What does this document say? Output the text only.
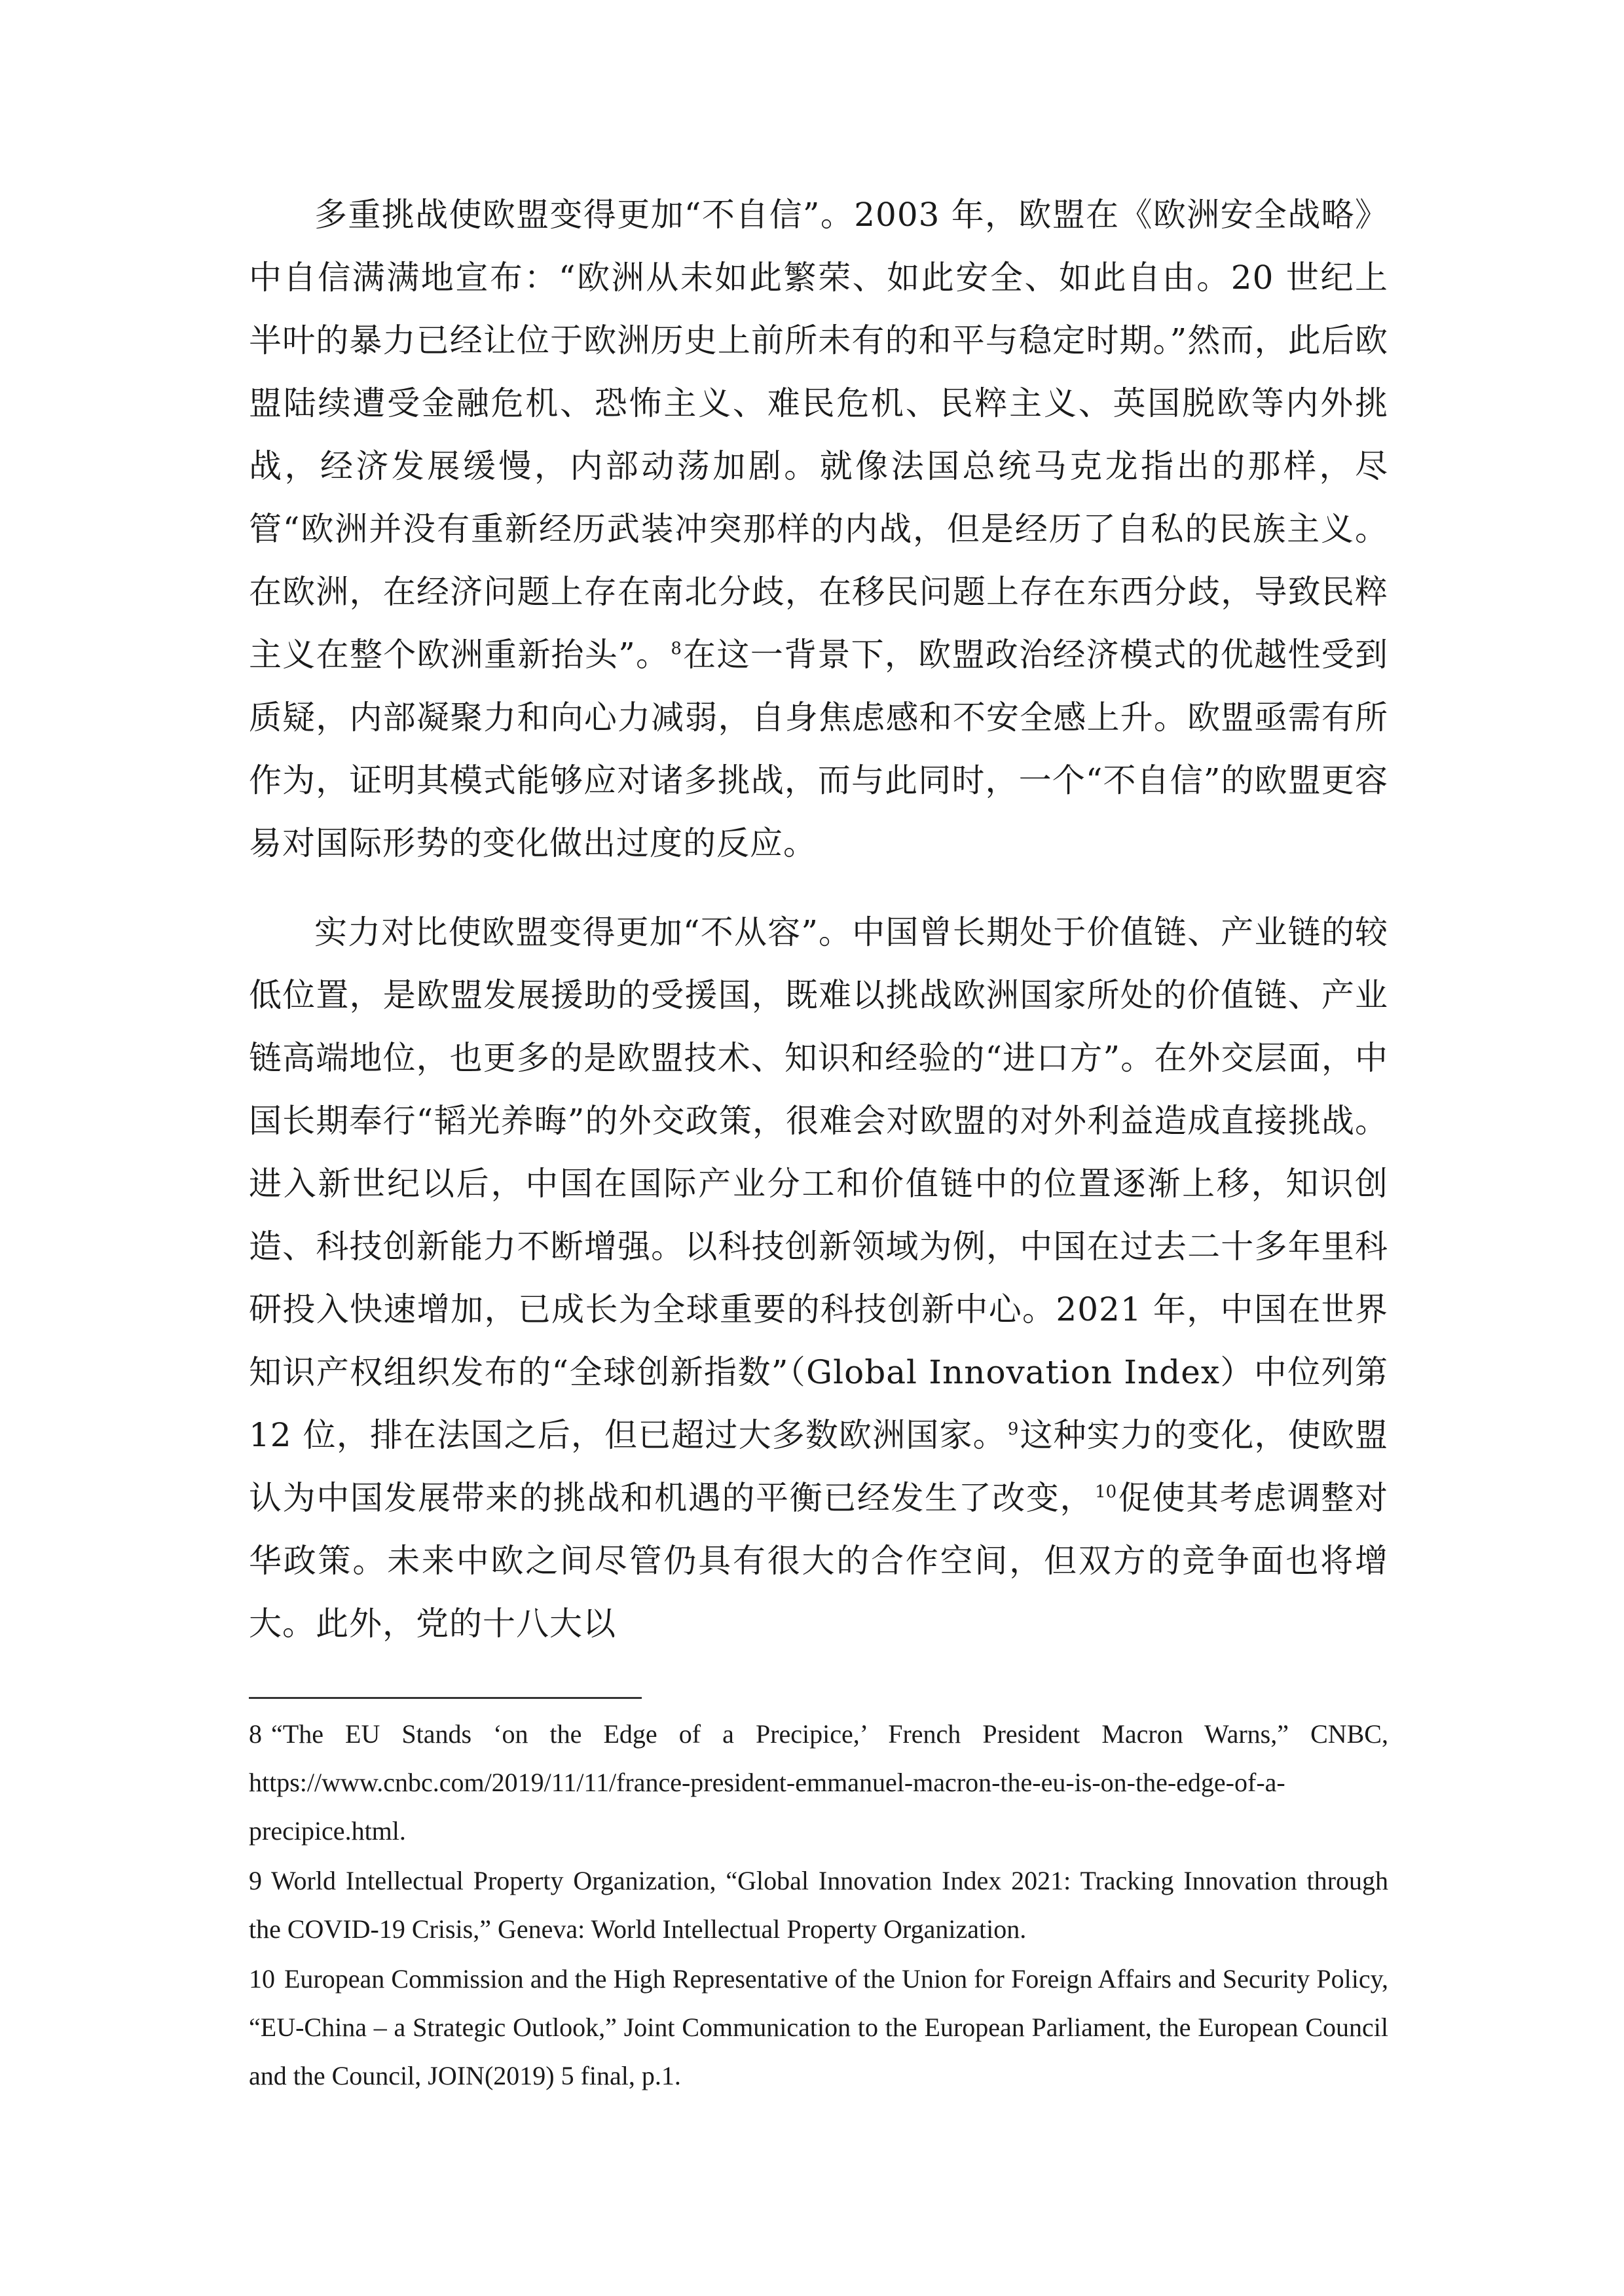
多重挑战使欧盟变得更加“不自信”。2003 年，欧盟在《欧洲安全战略》中自信满满地宣布：“欧洲从未如此繁荣、如此安全、如此自由。20 世纪上半叶的暴力已经让位于欧洲历史上前所未有的和平与稳定时期。”然而，此后欧盟陆续遭受金融危机、恐怖主义、难民危机、民粹主义、英国脱欧等内外挑战，经济发展缓慢，内部动荡加剧。就像法国总统马克龙指出的那样，尽管“欧洲并没有重新经历武装冲突那样的内战，但是经历了自私的民族主义。在欧洲，在经济问题上存在南北分歧，在移民问题上存在东西分歧，导致民粹主义在整个欧洲重新抬头”。$^8$在这一背景下，欧盟政治经济模式的优越性受到质疑，内部凝聚力和向心力减弱，自身焦虑感和不安全感上升。欧盟亟需有所作为，证明其模式能够应对诸多挑战，而与此同时，一个“不自信”的欧盟更容易对国际形势的变化做出过度的反应。

实力对比使欧盟变得更加“不从容”。中国曾长期处于价值链、产业链的较低位置，是欧盟发展援助的受援国，既难以挑战欧洲国家所处的价值链、产业链高端地位，也更多的是欧盟技术、知识和经验的“进口方”。在外交层面，中国长期奉行“韬光养晦”的外交政策，很难会对欧盟的对外利益造成直接挑战。进入新世纪以后，中国在国际产业分工和价值链中的位置逐渐上移，知识创造、科技创新能力不断增强。以科技创新领域为例，中国在过去二十多年里科研投入快速增加，已成长为全球重要的科技创新中心。2021 年，中国在世界知识产权组织发布的“全球创新指数”（Global Innovation Index）中位列第 12 位，排在法国之后，但已超过大多数欧洲国家。$^9$这种实力的变化，使欧盟认为中国发展带来的挑战和机遇的平衡已经发生了改变，$^{10}$促使其考虑调整对华政策。未来中欧之间尽管仍具有很大的合作空间，但双方的竞争面也将增大。此外，党的十八大以

8 “The EU Stands ‘on the Edge of a Precipice,’ French President Macron Warns,” CNBC, https://www.cnbc.com/2019/11/11/france-president-emmanuel-macron-the-eu-is-on-the-edge-of-a-precipice.html.

9 World Intellectual Property Organization, “Global Innovation Index 2021: Tracking Innovation through the COVID-19 Crisis,” Geneva: World Intellectual Property Organization.

10 European Commission and the High Representative of the Union for Foreign Affairs and Security Policy, “EU-China – a Strategic Outlook,” Joint Communication to the European Parliament, the European Council and the Council, JOIN(2019) 5 final, p.1.
